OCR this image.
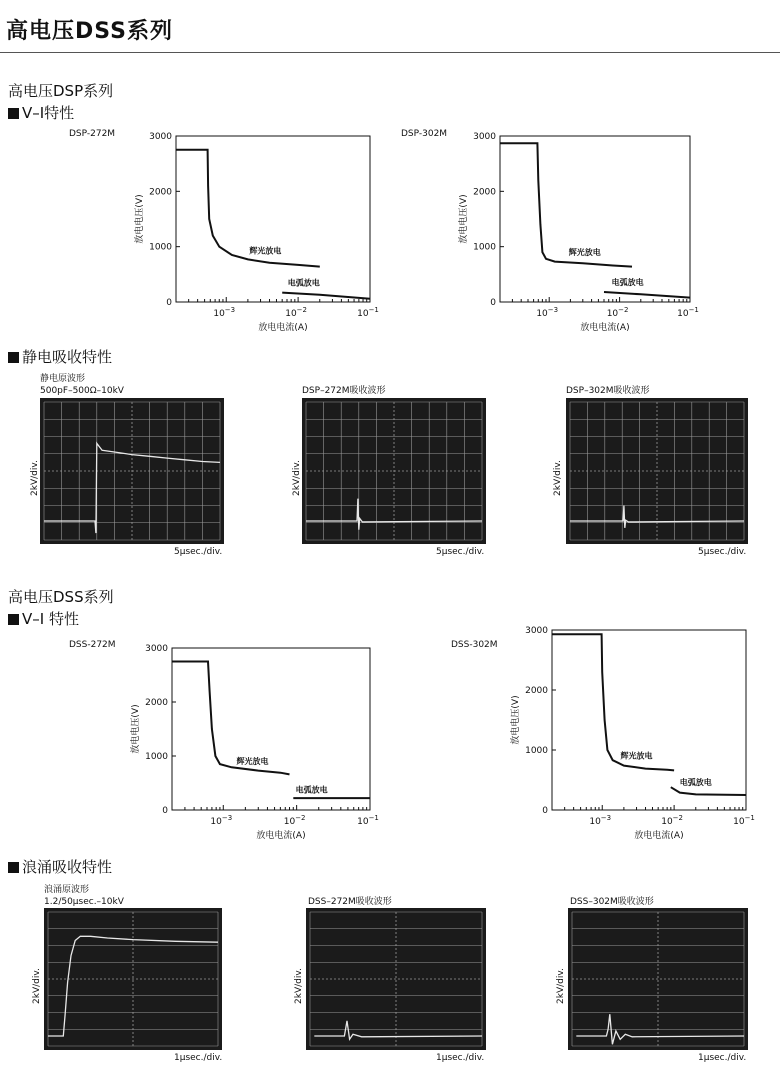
高电压DSS系列
高电压DSP系列
V–I特性
DSP-272M
0
1000
2000
3000
$10^{-3}$	$10^{-2}$	$10^{-1}$
放电电流(A)
放电电压(V)
辉光放电
电弧放电
DSP-302M
0
1000
2000
3000
$10^{-3}$	$10^{-2}$	$10^{-1}$
放电电流(A)
放电电压(V)
辉光放电
电弧放电
静电吸收特性
静电原波形
500pF–500Ω–10kV	DSP–272M吸收波形	DSP–302M吸收波形
2kV/div.	2kV/div.	2kV/div.
5μsec./div.	5μsec./div.	5μsec./div.
高电压DSS系列
V–I 特性
DSS-272M
0
1000
2000
3000
$10^{-3}$	$10^{-2}$	$10^{-1}$
放电电流(A)
放电电压(V)
辉光放电
电弧放电
DSS-302M
0
1000
2000
3000
$10^{-3}$	$10^{-2}$	$10^{-1}$
放电电流(A)
放电电压(V)
辉光放电
电弧放电
浪涌吸收特性
浪涌原波形
1.2/50μsec.–10kV	DSS–272M吸收波形	DSS–302M吸收波形
2kV/div.	2kV/div.	2kV/div.
1μsec./div.	1μsec./div.	1μsec./div.
